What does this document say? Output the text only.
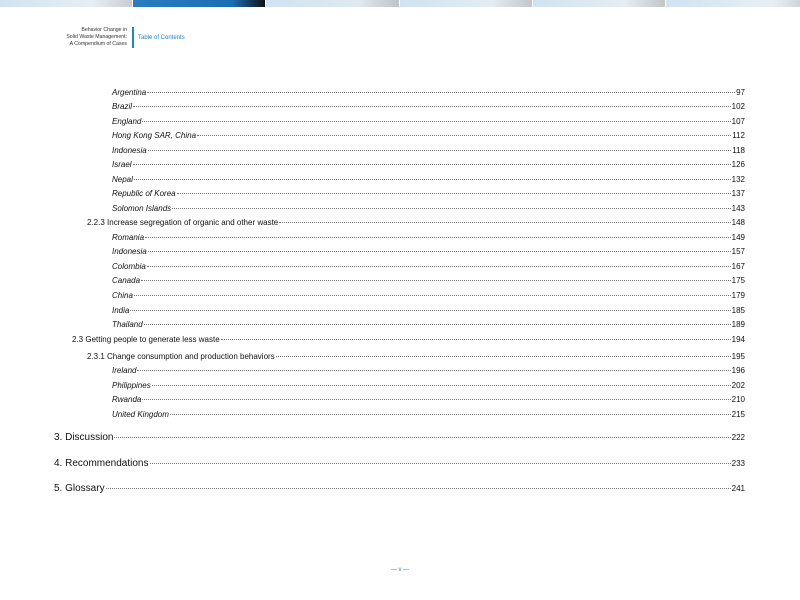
Behavior Change in
Solid Waste Management:
A Compendium of Cases
Table of Contents
Argentina	97
Brazil	102
England	107
Hong Kong SAR, China	112
Indonesia	118
Israel	126
Nepal	132
Republic of Korea	137
Solomon Islands	143
2.2.3 Increase segregation of organic and other waste	148
Romania	149
Indonesia	157
Colombia	167
Canada	175
China	179
India	185
Thailand	189
2.3 Getting people to generate less waste	194
2.3.1 Change consumption and production behaviors	195
Ireland	196
Philippines	202
Rwanda	210
United Kingdom	215
3. Discussion	222
4. Recommendations	233
5. Glossary	241
— v —
